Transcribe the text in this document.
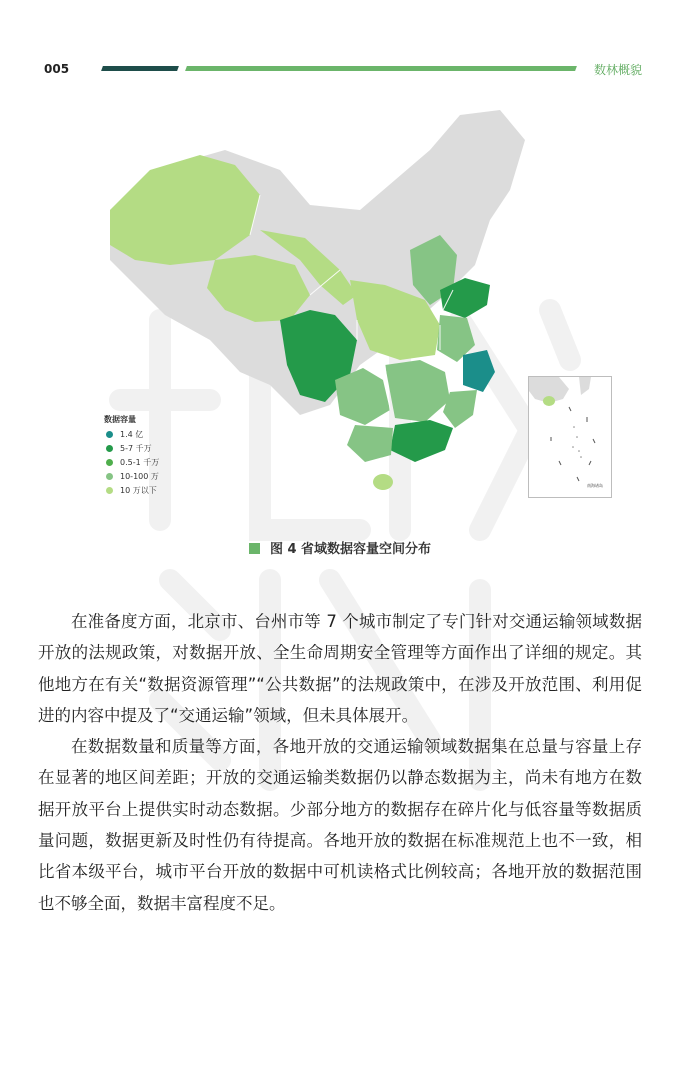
005	数林概貌
数据容量
1.4 亿
5-7 千万
0.5-1 千万
10-100 万
10 万以下
南海诸岛
图 4 省域数据容量空间分布

在准备度方面，北京市、台州市等 7 个城市制定了专门针对交通运输领域数据开放的法规政策，对数据开放、全生命周期安全管理等方面作出了详细的规定。其他地方在有关“数据资源管理”“公共数据”的法规政策中，在涉及开放范围、利用促进的内容中提及了“交通运输”领域，但未具体展开。

在数据数量和质量等方面，各地开放的交通运输领域数据集在总量与容量上存在显著的地区间差距；开放的交通运输类数据仍以静态数据为主，尚未有地方在数据开放平台上提供实时动态数据。少部分地方的数据存在碎片化与低容量等数据质量问题，数据更新及时性仍有待提高。各地开放的数据在标准规范上也不一致，相比省本级平台，城市平台开放的数据中可机读格式比例较高；各地开放的数据范围也不够全面，数据丰富程度不足。
